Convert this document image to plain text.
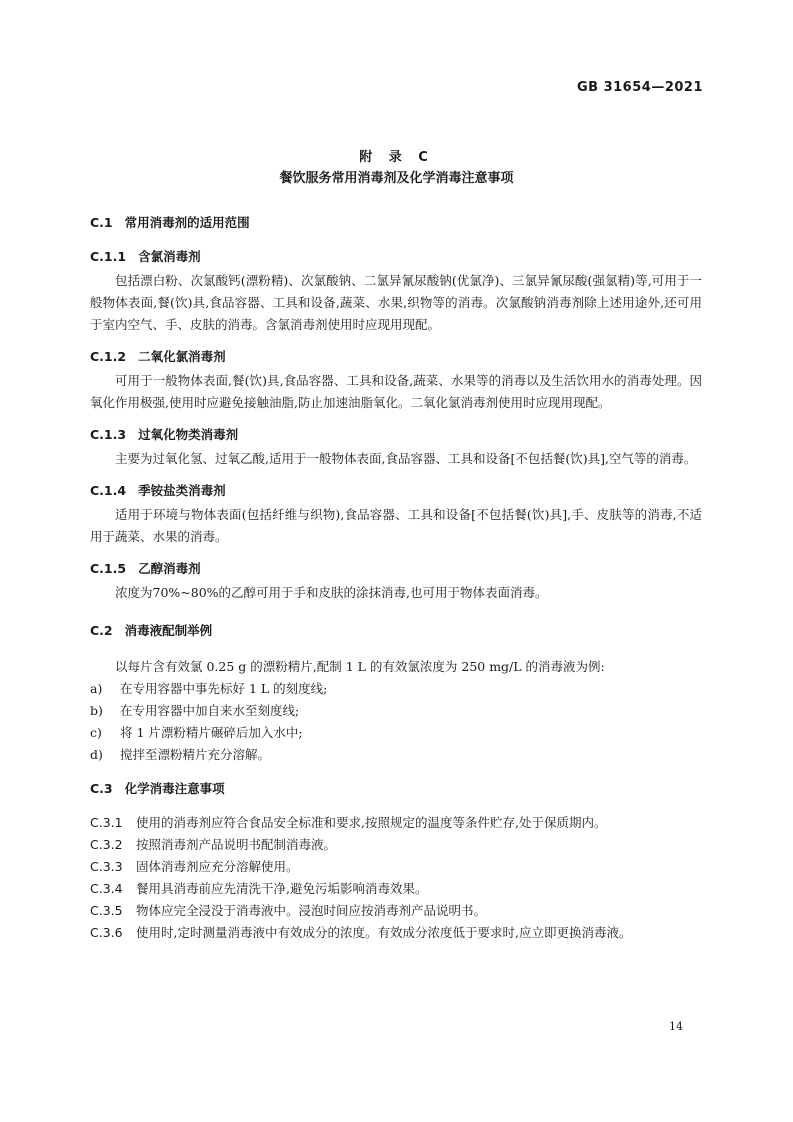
GB 31654—2021
附 录 C
餐饮服务常用消毒剂及化学消毒注意事项

C.1 常用消毒剂的适用范围

C.1.1 含氯消毒剂

包括漂白粉、次氯酸钙(漂粉精)、次氯酸钠、二氯异氰尿酸钠(优氯净)、三氯异氰尿酸(强氯精)等,可用于一般物体表面,餐(饮)具,食品容器、工具和设备,蔬菜、水果,织物等的消毒。次氯酸钠消毒剂除上述用途外,还可用于室内空气、手、皮肤的消毒。含氯消毒剂使用时应现用现配。

C.1.2 二氧化氯消毒剂

可用于一般物体表面,餐(饮)具,食品容器、工具和设备,蔬菜、水果等的消毒以及生活饮用水的消毒处理。因氧化作用极强,使用时应避免接触油脂,防止加速油脂氧化。二氧化氯消毒剂使用时应现用现配。

C.1.3 过氧化物类消毒剂

主要为过氧化氢、过氧乙酸,适用于一般物体表面,食品容器、工具和设备[不包括餐(饮)具],空气等的消毒。

C.1.4 季铵盐类消毒剂

适用于环境与物体表面(包括纤维与织物),食品容器、工具和设备[不包括餐(饮)具],手、皮肤等的消毒,不适用于蔬菜、水果的消毒。

C.1.5 乙醇消毒剂

浓度为70%~80%的乙醇可用于手和皮肤的涂抹消毒,也可用于物体表面消毒。

C.2 消毒液配制举例

以每片含有效氯 0.25 g 的漂粉精片,配制 1 L 的有效氯浓度为 250 mg/L 的消毒液为例:

a) 在专用容器中事先标好 1 L 的刻度线;
b) 在专用容器中加自来水至刻度线;
c) 将 1 片漂粉精片碾碎后加入水中;
d) 搅拌至漂粉精片充分溶解。

C.3 化学消毒注意事项

C.3.1 使用的消毒剂应符合食品安全标准和要求,按照规定的温度等条件贮存,处于保质期内。
C.3.2 按照消毒剂产品说明书配制消毒液。
C.3.3 固体消毒剂应充分溶解使用。
C.3.4 餐用具消毒前应先清洗干净,避免污垢影响消毒效果。
C.3.5 物体应完全浸没于消毒液中。浸泡时间应按消毒剂产品说明书。
C.3.6 使用时,定时测量消毒液中有效成分的浓度。有效成分浓度低于要求时,应立即更换消毒液。
14
